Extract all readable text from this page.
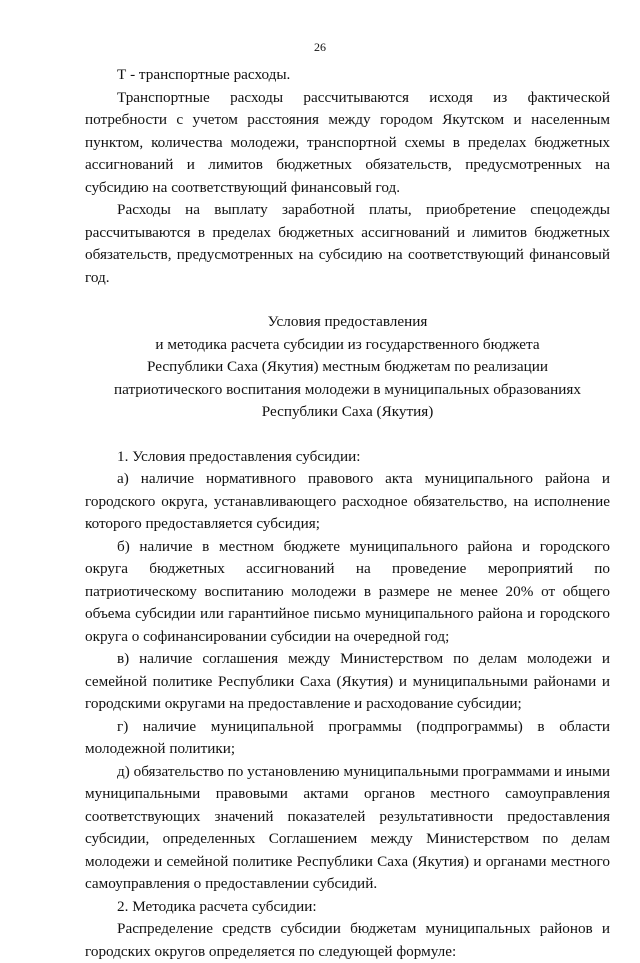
26

Т - транспортные расходы.

Транспортные расходы рассчитываются исходя из фактической потребности с учетом расстояния между городом Якутском и населенным пунктом, количества молодежи, транспортной схемы в пределах бюджетных ассигнований и лимитов бюджетных обязательств, предусмотренных на субсидию на соответствующий финансовый год.

Расходы на выплату заработной платы, приобретение спецодежды рассчитываются в пределах бюджетных ассигнований и лимитов бюджетных обязательств, предусмотренных на субсидию на соответствующий финансовый год.

Условия предоставления
и методика расчета субсидии из государственного бюджета
Республики Саха (Якутия) местным бюджетам по реализации
патриотического воспитания молодежи в муниципальных образованиях
Республики Саха (Якутия)

1. Условия предоставления субсидии:

а) наличие нормативного правового акта муниципального района и городского округа, устанавливающего расходное обязательство, на исполнение которого предоставляется субсидия;

б) наличие в местном бюджете муниципального района и городского округа бюджетных ассигнований на проведение мероприятий по патриотическому воспитанию молодежи в размере не менее 20% от общего объема субсидии или гарантийное письмо муниципального района и городского округа о софинансировании субсидии на очередной год;

в) наличие соглашения между Министерством по делам молодежи и семейной политике Республики Саха (Якутия) и муниципальными районами и городскими округами на предоставление и расходование субсидии;

г) наличие муниципальной программы (подпрограммы) в области молодежной политики;

д) обязательство по установлению муниципальными программами и иными муниципальными правовыми актами органов местного самоуправления соответствующих значений показателей результативности предоставления субсидии, определенных Соглашением между Министерством по делам молодежи и семейной политике Республики Саха (Якутия) и органами местного самоуправления о предоставлении субсидий.

2. Методика расчета субсидии:

Распределение средств субсидии бюджетам муниципальных районов и городских округов определяется по следующей формуле:
